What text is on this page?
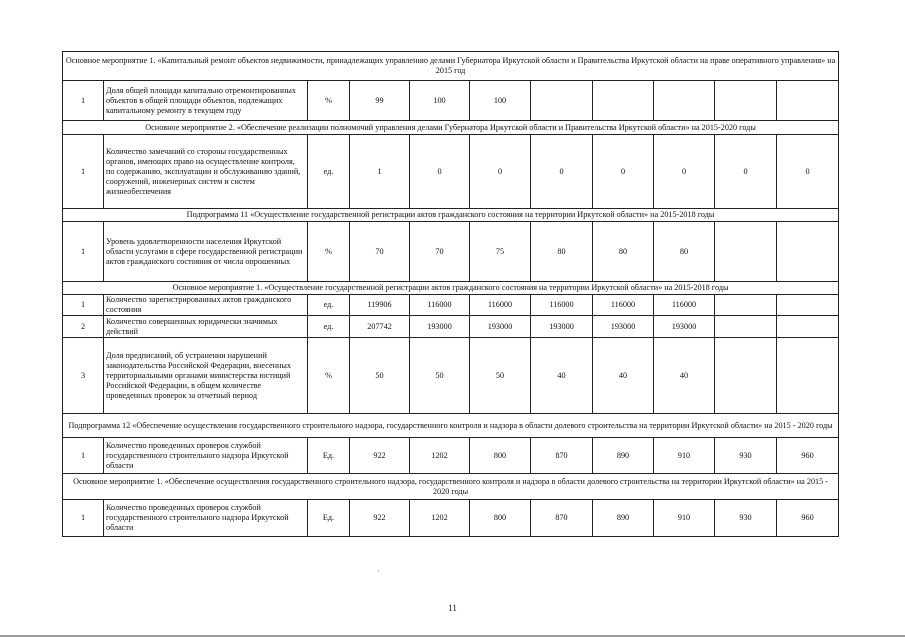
Основное мероприятие 1. «Капитальный ремонт объектов недвижимости, принадлежащих управлению делами Губернатора Иркутской области и Правительства Иркутской области на праве оперативного управления» на 2015 год										
1	Доля общей площади капитально отремонтированных объектов в общей площади объектов, подлежащих капитальному ремонту в текущем году	%	99	100	100					
Основное мероприятие 2. «Обеспечение реализации полномочий управления делами Губернатора Иркутской области и Правительства Иркутской области» на 2015-2020 годы										
1	Количество замечаний со стороны государственных органов, имеющих право на осуществление контроля, по содержанию, эксплуатации и обслуживанию зданий, сооружений, инженерных систем и систем жизнеобеспечения	ед.	1	0	0	0	0	0	0	0
Подпрограмма 11 «Осуществление государственной регистрации актов гражданского состояния на территории Иркутской области» на 2015-2018 годы										
1	Уровень удовлетворенности населения Иркутской области услугами в сфере государственной регистрации актов гражданского состояния от числа опрошенных	%	70	70	75	80	80	80		
Основное мероприятие 1. «Осуществление государственной регистрации актов гражданского состояния на территории Иркутской области» на 2015-2018 годы										
1	Количество зарегистрированных актов гражданского состояния	ед.	119906	116000	116000	116000	116000	116000		
2	Количество совершенных юридически значимых действий	ед.	207742	193000	193000	193000	193000	193000		
3	Доля предписаний, об устранении нарушений законодательства Российской Федерации, внесенных территориальными органами министерства юстиций Российской Федерации, в общем количестве проведенных проверок за отчетный период	%	50	50	50	40	40	40		
Подпрограмма 12 «Обеспечение осуществления государственного строительного надзора, государственного контроля и надзора в области долевого строительства на территории Иркутской области» на 2015 - 2020 годы										
1	Количество проведенных проверок службой государственного строительного надзора Иркутской области	Ед.	922	1202	800	870	890	910	930	960
Основное мероприятие 1. «Обеспечение осуществления государственного строительного надзора, государственного контроля и надзора в области долевого строительства на территории Иркутской области» на 2015 - 2020 годы										
1	Количество проведенных проверок службой государственного строительного надзора Иркутской области	Ед.	922	1202	800	870	890	910	930	960
·
11
